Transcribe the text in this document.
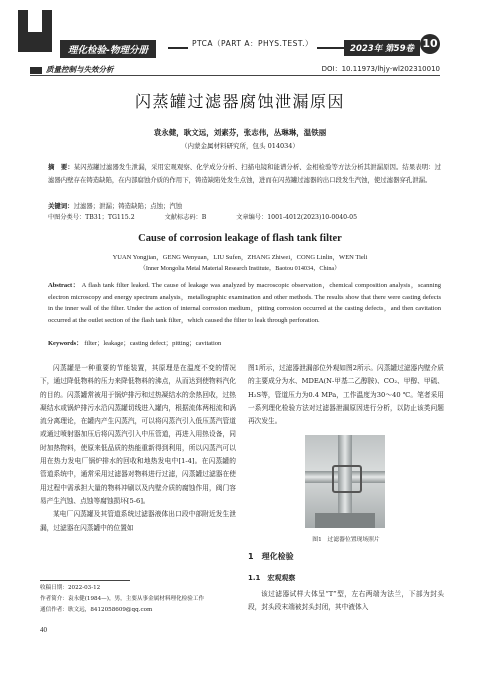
理化检验-物理分册
PTCA（PART A：PHYS.TEST.）
2023年 第59卷 10
质量控制与失效分析	DOI：10.11973/lhjy-wl202310010
闪蒸罐过滤器腐蚀泄漏原因
袁永健，耿文远，刘素芬，张志伟，丛琳琳，温铁丽
（内蒙金属材料研究所，包头 014034）
摘　要：某闪蒸罐过滤器发生泄漏，采用宏观观察、化学成分分析、扫描电镜和能谱分析、金相检验等方法分析其泄漏原因。结果表明：过滤器内壁存在铸造缺陷，在内部腐蚀介质的作用下，铸造缺陷处发生点蚀，进而在闪蒸罐过滤器的出口段发生汽蚀，使过滤器穿孔泄漏。
关键词：过滤器；泄漏；铸造缺陷；点蚀；汽蚀
中图分类号：TB31；TG115.2	文献标志码：B	文章编号：1001-4012(2023)10-0040-05
Cause of corrosion leakage of flash tank filter
YUAN Yongjian，GENG Wenyuan，LIU Sufen，ZHANG Zhiwei，CONG Linlin，WEN Tieli
（Inner Mongolia Metal Material Research Institute，Baotou 014034，China）
Abstract： A flash tank filter leaked. The cause of leakage was analyzed by macroscopic observation，chemical composition analysis，scanning electron microscopy and energy spectrum analysis，metallographic examination and other methods. The results show that there were casting defects in the inner wall of the filter. Under the action of internal corrosion medium，pitting corrosion occurred at the casting defects，and then cavitation occurred at the outlet section of the flash tank filter，which caused the filter to leak through perforation.
Keywords： filter；leakage；casting defect；pitting；cavitation

闪蒸罐是一种重要的节能装置，其原理是在温度不变的情况下，通过降低物料的压力来降低物料的沸点，从而达到使物料汽化的目的。闪蒸罐常被用于锅炉排污和过热凝结水的余热回收，过热凝结水或锅炉排污水沿闪蒸罐切线进入罐内，根据流体两相流和涡流分离理论，在罐内产生闪蒸汽，可以将闪蒸汽引入低压蒸汽管道或通过喷射器加压后将闪蒸汽引入中压管道，再进入用热设备，同时加热物料，使原来低品质的热能重新得到利用，所以闪蒸汽可以用在热力发电厂锅炉排水的回收和地热发电中[1-4]。在闪蒸罐的管道系统中，通常采用过滤器对物料进行过滤，闪蒸罐过滤器在使用过程中需承担大量的物料冲刷以及内壁介质的腐蚀作用，阀门容易产生汽蚀、点蚀等腐蚀损坏[5-6]。

某电厂闪蒸罐及其管道系统过滤器液体出口段中部附近发生泄漏，过滤器在闪蒸罐中的位置如

图1所示，过滤器泄漏部位外观如图2所示。闪蒸罐过滤器内壁介质的主要成分为水、MDEA(N-甲基二乙醇胺)、CO₂、甲醇、甲硫、H₂S等，管道压力为0.4 MPa，工作温度为30～40 ℃。笔者采用一系列理化检验方法对过滤器泄漏原因进行分析，以防止该类问题再次发生。
图1　过滤器位置现场照片
1　理化检验
1.1　宏观观察
该过滤器试样大体呈“T”型，左右两端为法兰，下部为封头段，封头段末端被封头封闭，其中液体入
收稿日期：2022-03-12
作者简介：袁永健(1984—)，男，主要从事金属材料理化检验工作
通信作者：耿文远，8412058609@qq.com
40
